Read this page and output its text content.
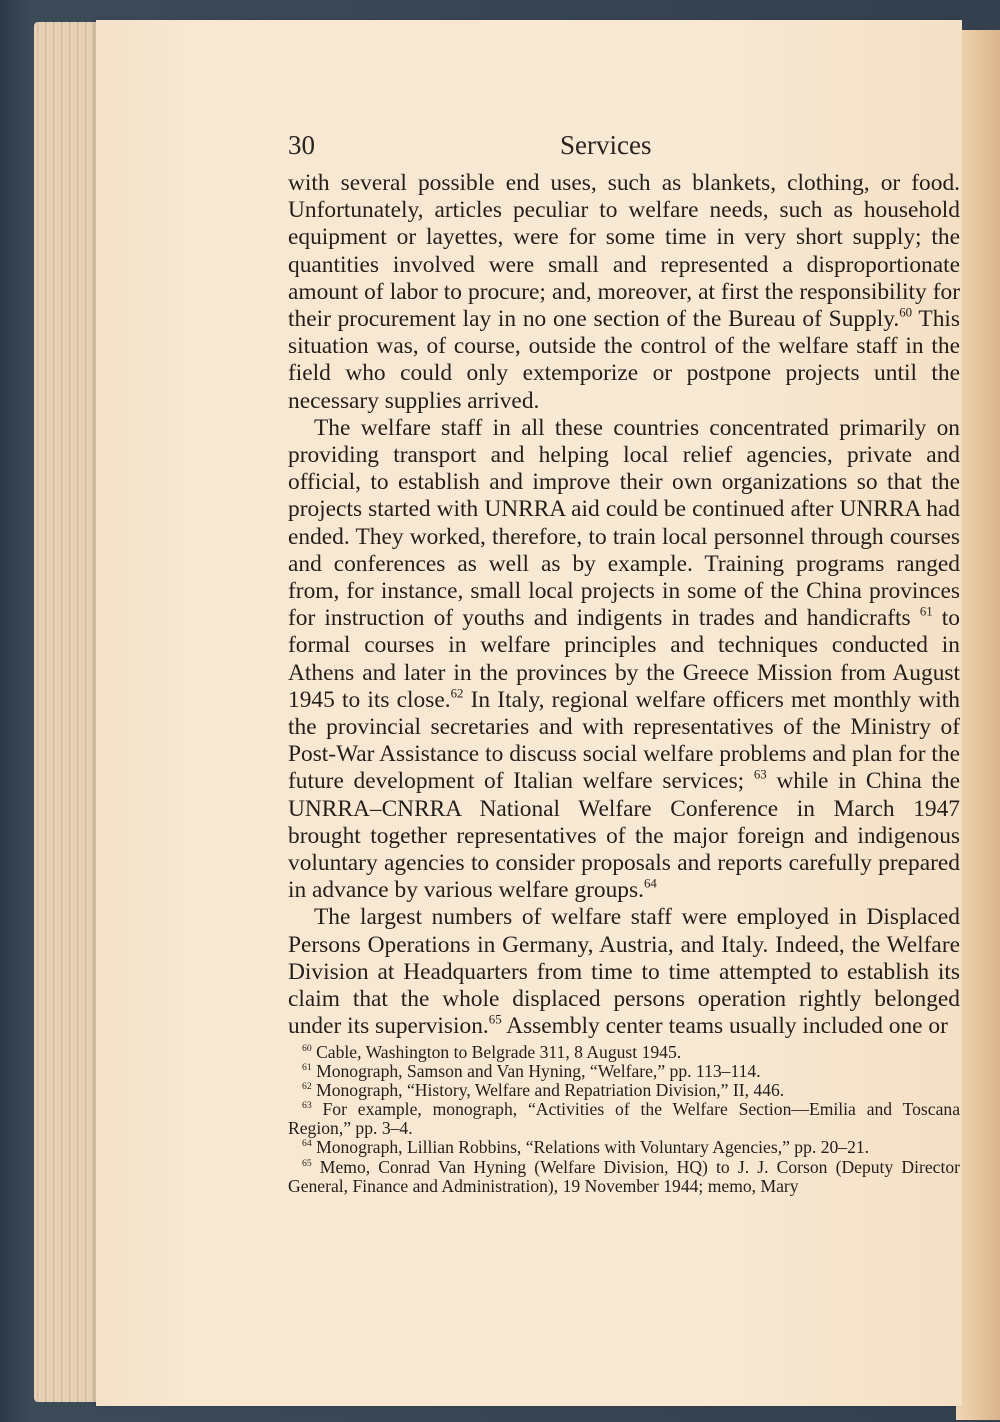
30	Services

with several possible end uses, such as blankets, clothing, or food. Unfortunately, articles peculiar to welfare needs, such as household equipment or layettes, were for some time in very short supply; the quantities involved were small and represented a disproportionate amount of labor to procure; and, moreover, at first the responsibility for their procurement lay in no one section of the Bureau of Supply.$^{60}$ This situation was, of course, outside the control of the welfare staff in the field who could only extemporize or postpone projects until the necessary supplies arrived.

The welfare staff in all these countries concentrated primarily on providing transport and helping local relief agencies, private and official, to establish and improve their own organizations so that the projects started with UNRRA aid could be continued after UNRRA had ended. They worked, therefore, to train local personnel through courses and conferences as well as by example. Training programs ranged from, for instance, small local projects in some of the China provinces for instruction of youths and indigents in trades and handicrafts $^{61}$ to formal courses in welfare principles and techniques conducted in Athens and later in the provinces by the Greece Mission from August 1945 to its close.$^{62}$ In Italy, regional welfare officers met monthly with the provincial secretaries and with representatives of the Ministry of Post-War Assistance to discuss social welfare problems and plan for the future development of Italian welfare services; $^{63}$ while in China the UNRRA–CNRRA National Welfare Conference in March 1947 brought together representatives of the major foreign and indigenous voluntary agencies to consider proposals and reports carefully prepared in advance by various welfare groups.$^{64}$

The largest numbers of welfare staff were employed in Displaced Persons Operations in Germany, Austria, and Italy. Indeed, the Welfare Division at Headquarters from time to time attempted to establish its claim that the whole displaced persons operation rightly belonged under its supervision.$^{65}$ Assembly center teams usually included one or

$^{60}$ Cable, Washington to Belgrade 311, 8 August 1945.

$^{61}$ Monograph, Samson and Van Hyning, “Welfare,” pp. 113–114.

$^{62}$ Monograph, “History, Welfare and Repatriation Division,” II, 446.

$^{63}$ For example, monograph, “Activities of the Welfare Section—Emilia and Toscana Region,” pp. 3–4.

$^{64}$ Monograph, Lillian Robbins, “Relations with Voluntary Agencies,” pp. 20–21.

$^{65}$ Memo, Conrad Van Hyning (Welfare Division, HQ) to J. J. Corson (Deputy Director General, Finance and Administration), 19 November 1944; memo, Mary
